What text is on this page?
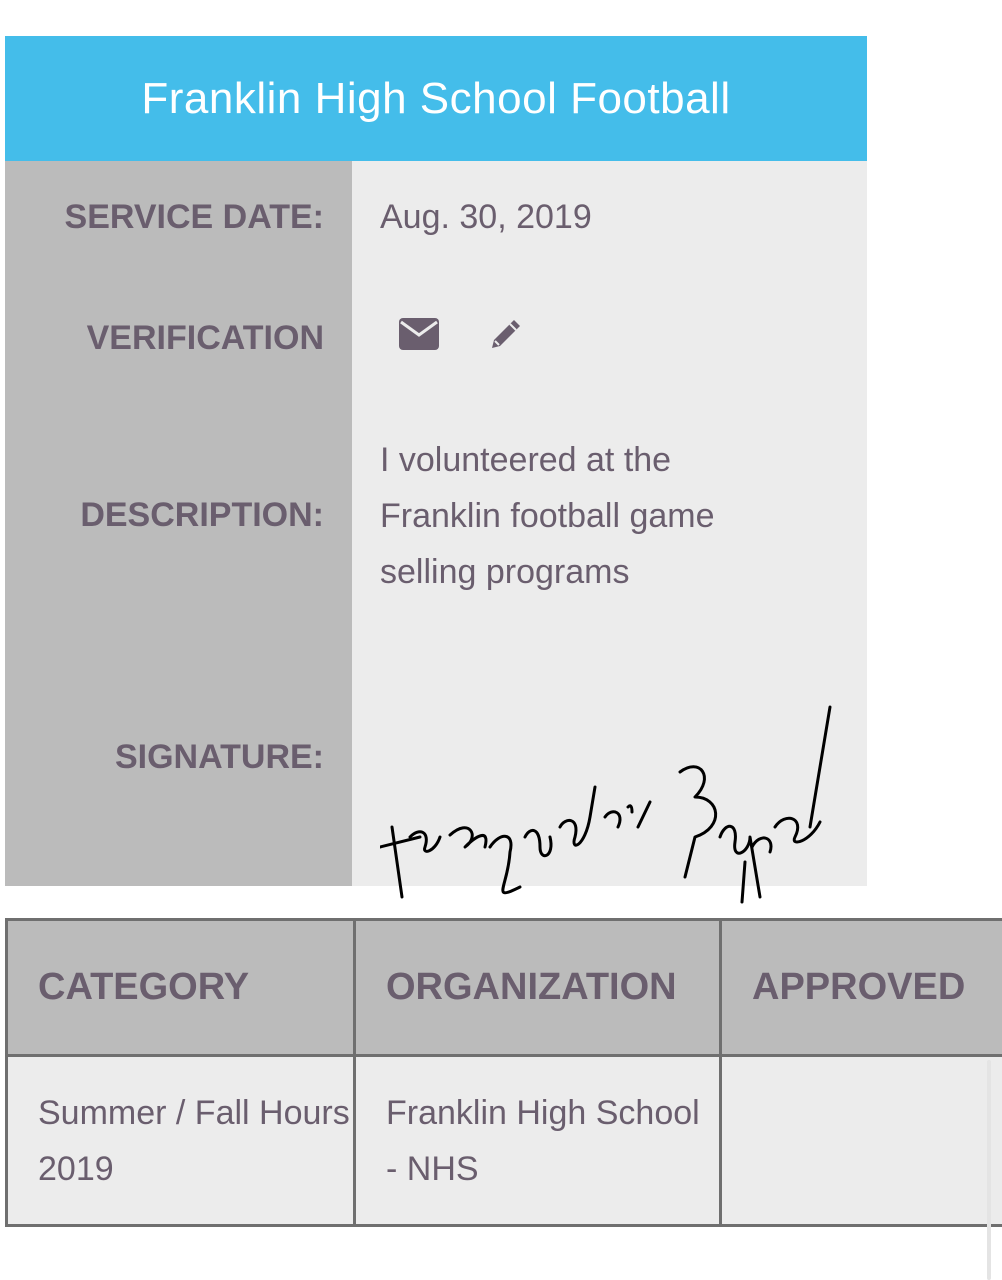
Franklin High School Football
SERVICE DATE:	Aug. 30, 2019
VERIFICATION
DESCRIPTION:
I volunteered at the Franklin football game selling programs
SIGNATURE:
CATEGORY	ORGANIZATION	APPROVED
Summer / Fall Hours 2019	Franklin High School - NHS	
